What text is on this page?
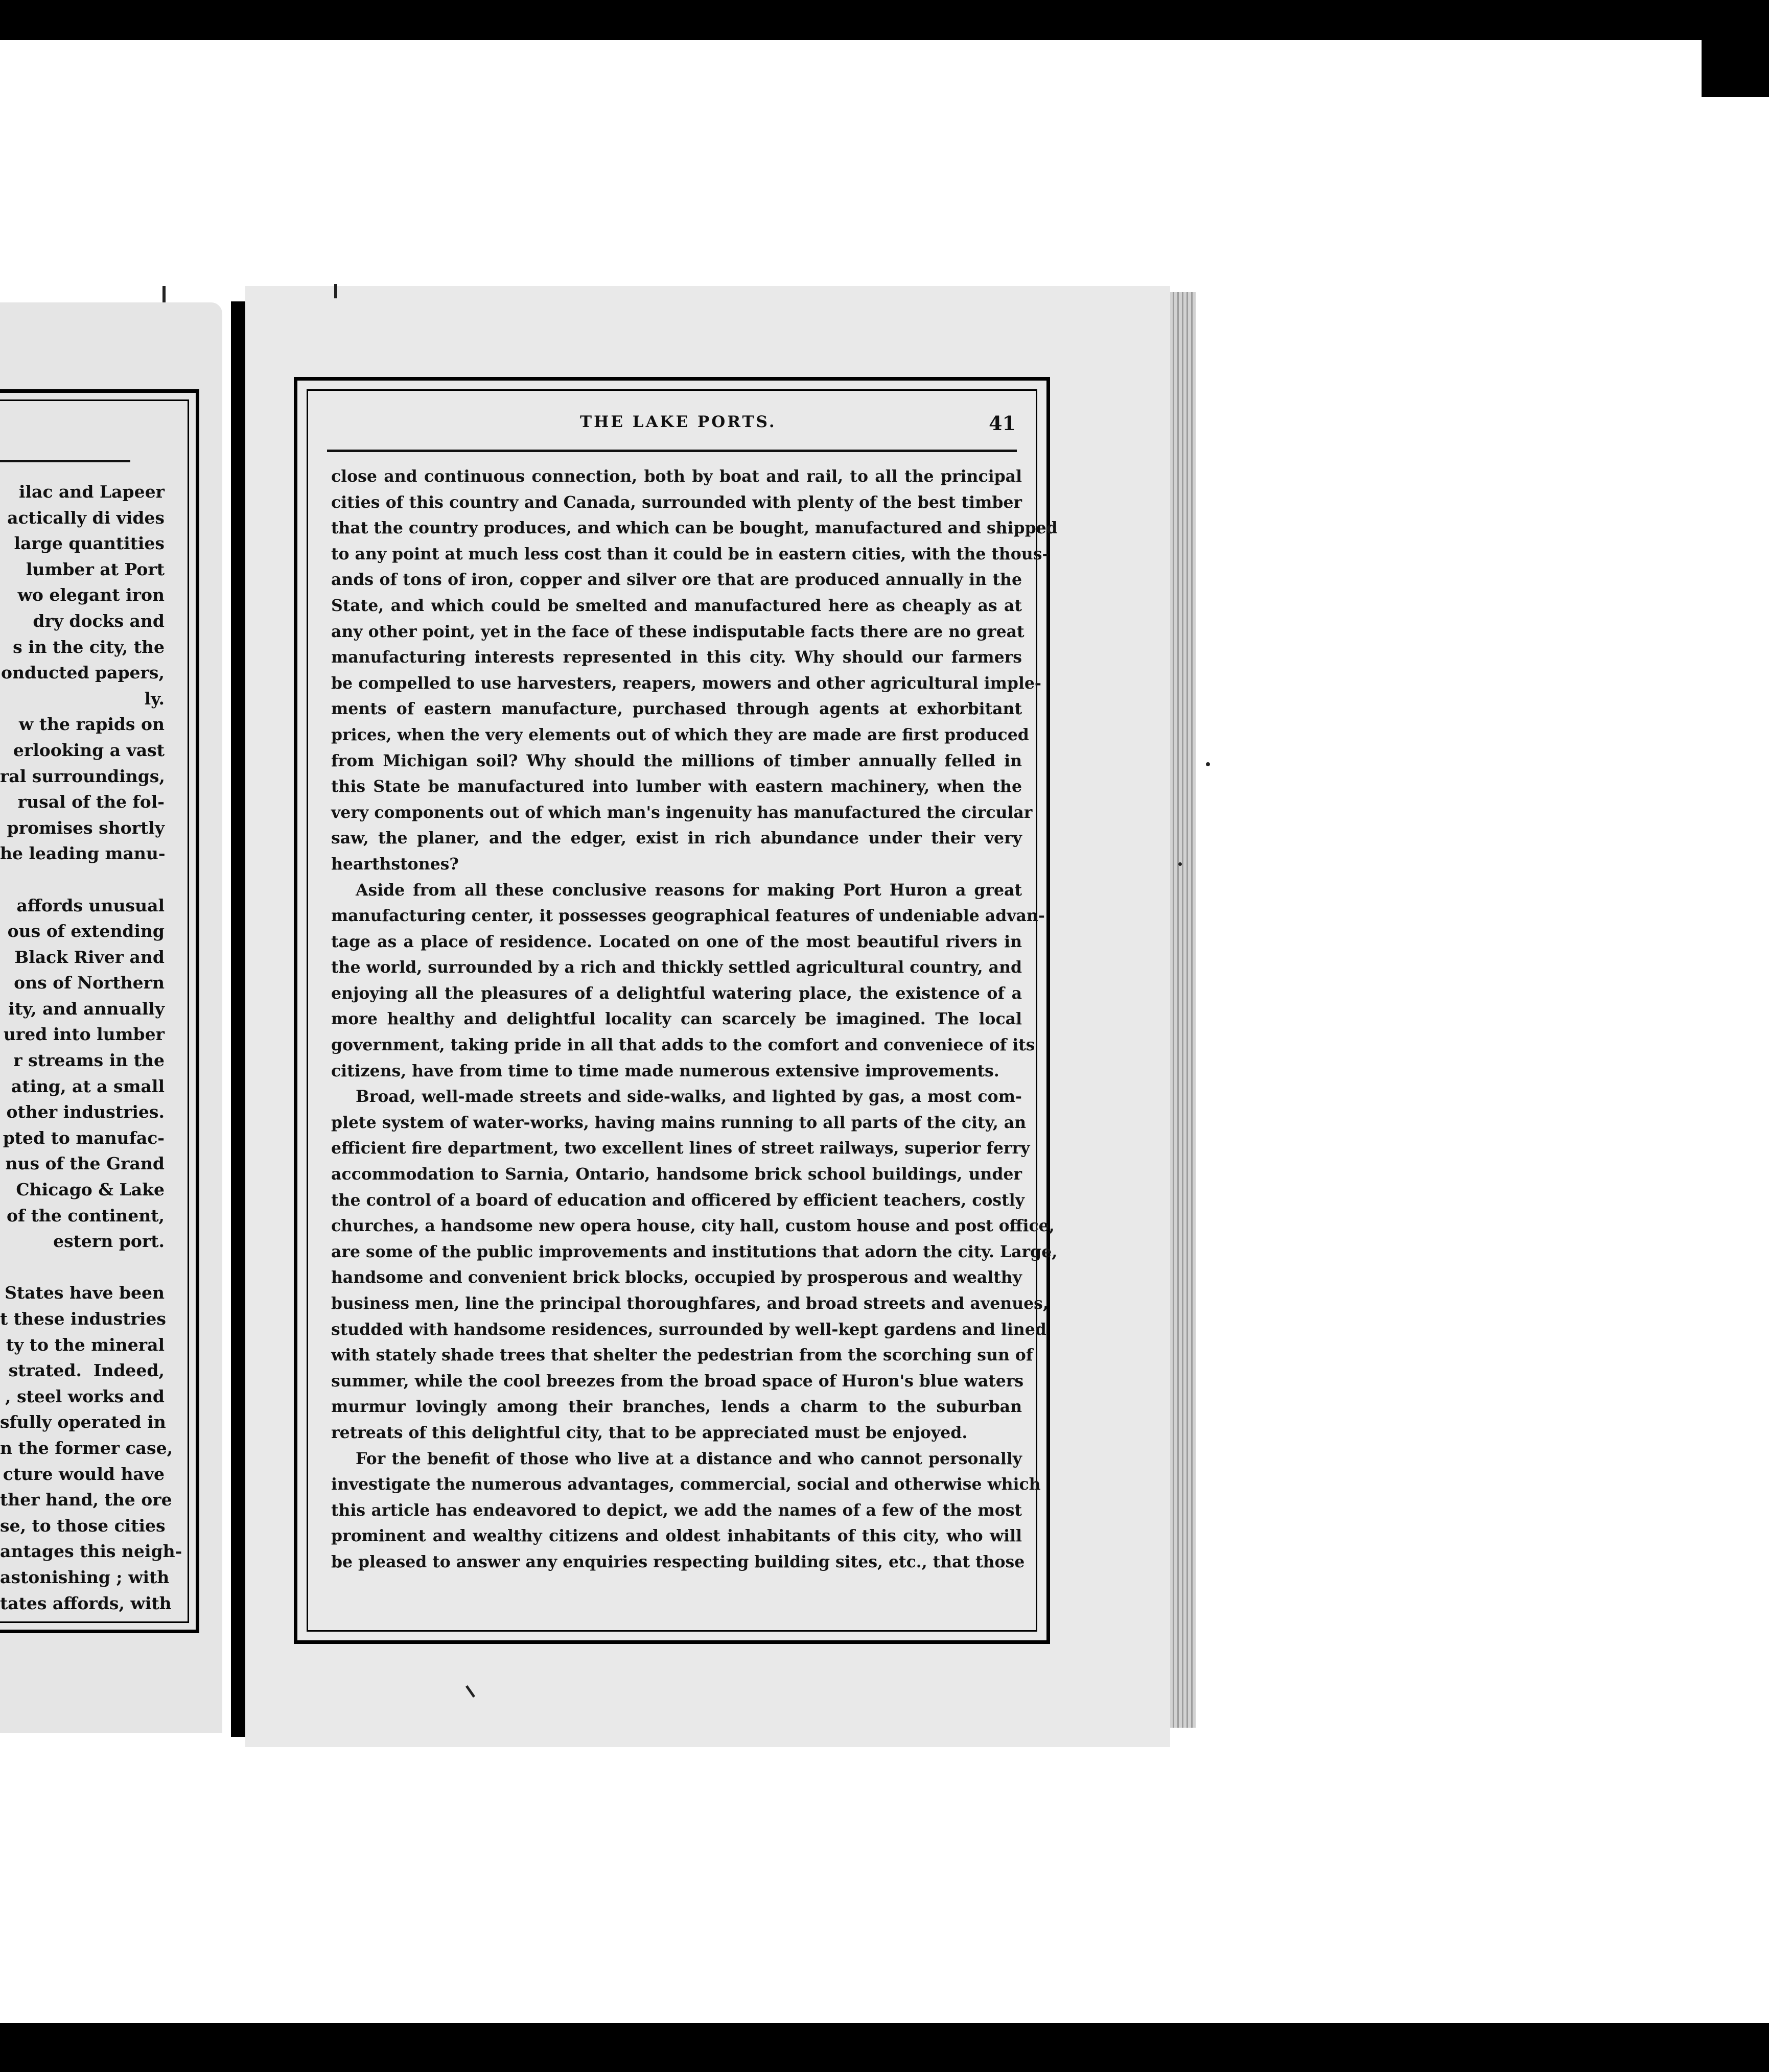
ilac and Lapeer
actically di vides
large quantities
lumber at Port
wo elegant iron
dry docks and
s in the city, the
onducted papers,
ly.
w the rapids on
erlooking a vast
ral surroundings,
rusal of the fol-
promises shortly
he leading manu-
affords unusual
ous of extending
Black River and
ons of Northern
ity, and annually
ured into lumber
r streams in the
ating, at a small
other industries.
pted to manufac-
nus of the Grand
Chicago & Lake
of the continent,
estern port.
States have been
t these industries
ty to the mineral
strated.  Indeed,
, steel works and
sfully operated in
n the former case,
cture would have
ther hand, the ore
se, to those cities
antages this neigh-
astonishing ; with
tates affords, with
THE LAKE PORTS.	41
close and continuous connection, both by boat and rail, to all the principal
cities of this country and Canada, surrounded with plenty of the best timber
that the country produces, and which can be bought, manufactured and shipped
to any point at much less cost than it could be in eastern cities, with the thous-
ands of tons of iron, copper and silver ore that are produced annually in the
State, and which could be smelted and manufactured here as cheaply as at
any other point, yet in the face of these indisputable facts there are no great
manufacturing interests represented in this city. Why should our farmers
be compelled to use harvesters, reapers, mowers and other agricultural imple-
ments of eastern manufacture, purchased through agents at exhorbitant
prices, when the very elements out of which they are made are first produced
from Michigan soil? Why should the millions of timber annually felled in
this State be manufactured into lumber with eastern machinery, when the
very components out of which man's ingenuity has manufactured the circular
saw, the planer, and the edger, exist in rich abundance under their very
hearthstones?
Aside from all these conclusive reasons for making Port Huron a great
manufacturing center, it possesses geographical features of undeniable advan-
tage as a place of residence. Located on one of the most beautiful rivers in
the world, surrounded by a rich and thickly settled agricultural country, and
enjoying all the pleasures of a delightful watering place, the existence of a
more healthy and delightful locality can scarcely be imagined. The local
government, taking pride in all that adds to the comfort and conveniece of its
citizens, have from time to time made numerous extensive improvements.
Broad, well-made streets and side-walks, and lighted by gas, a most com-
plete system of water-works, having mains running to all parts of the city, an
efficient fire department, two excellent lines of street railways, superior ferry
accommodation to Sarnia, Ontario, handsome brick school buildings, under
the control of a board of education and officered by efficient teachers, costly
churches, a handsome new opera house, city hall, custom house and post office,
are some of the public improvements and institutions that adorn the city. Large,
handsome and convenient brick blocks, occupied by prosperous and wealthy
business men, line the principal thoroughfares, and broad streets and avenues,
studded with handsome residences, surrounded by well-kept gardens and lined
with stately shade trees that shelter the pedestrian from the scorching sun of
summer, while the cool breezes from the broad space of Huron's blue waters
murmur lovingly among their branches, lends a charm to the suburban
retreats of this delightful city, that to be appreciated must be enjoyed.
For the benefit of those who live at a distance and who cannot personally
investigate the numerous advantages, commercial, social and otherwise which
this article has endeavored to depict, we add the names of a few of the most
prominent and wealthy citizens and oldest inhabitants of this city, who will
be pleased to answer any enquiries respecting building sites, etc., that those
